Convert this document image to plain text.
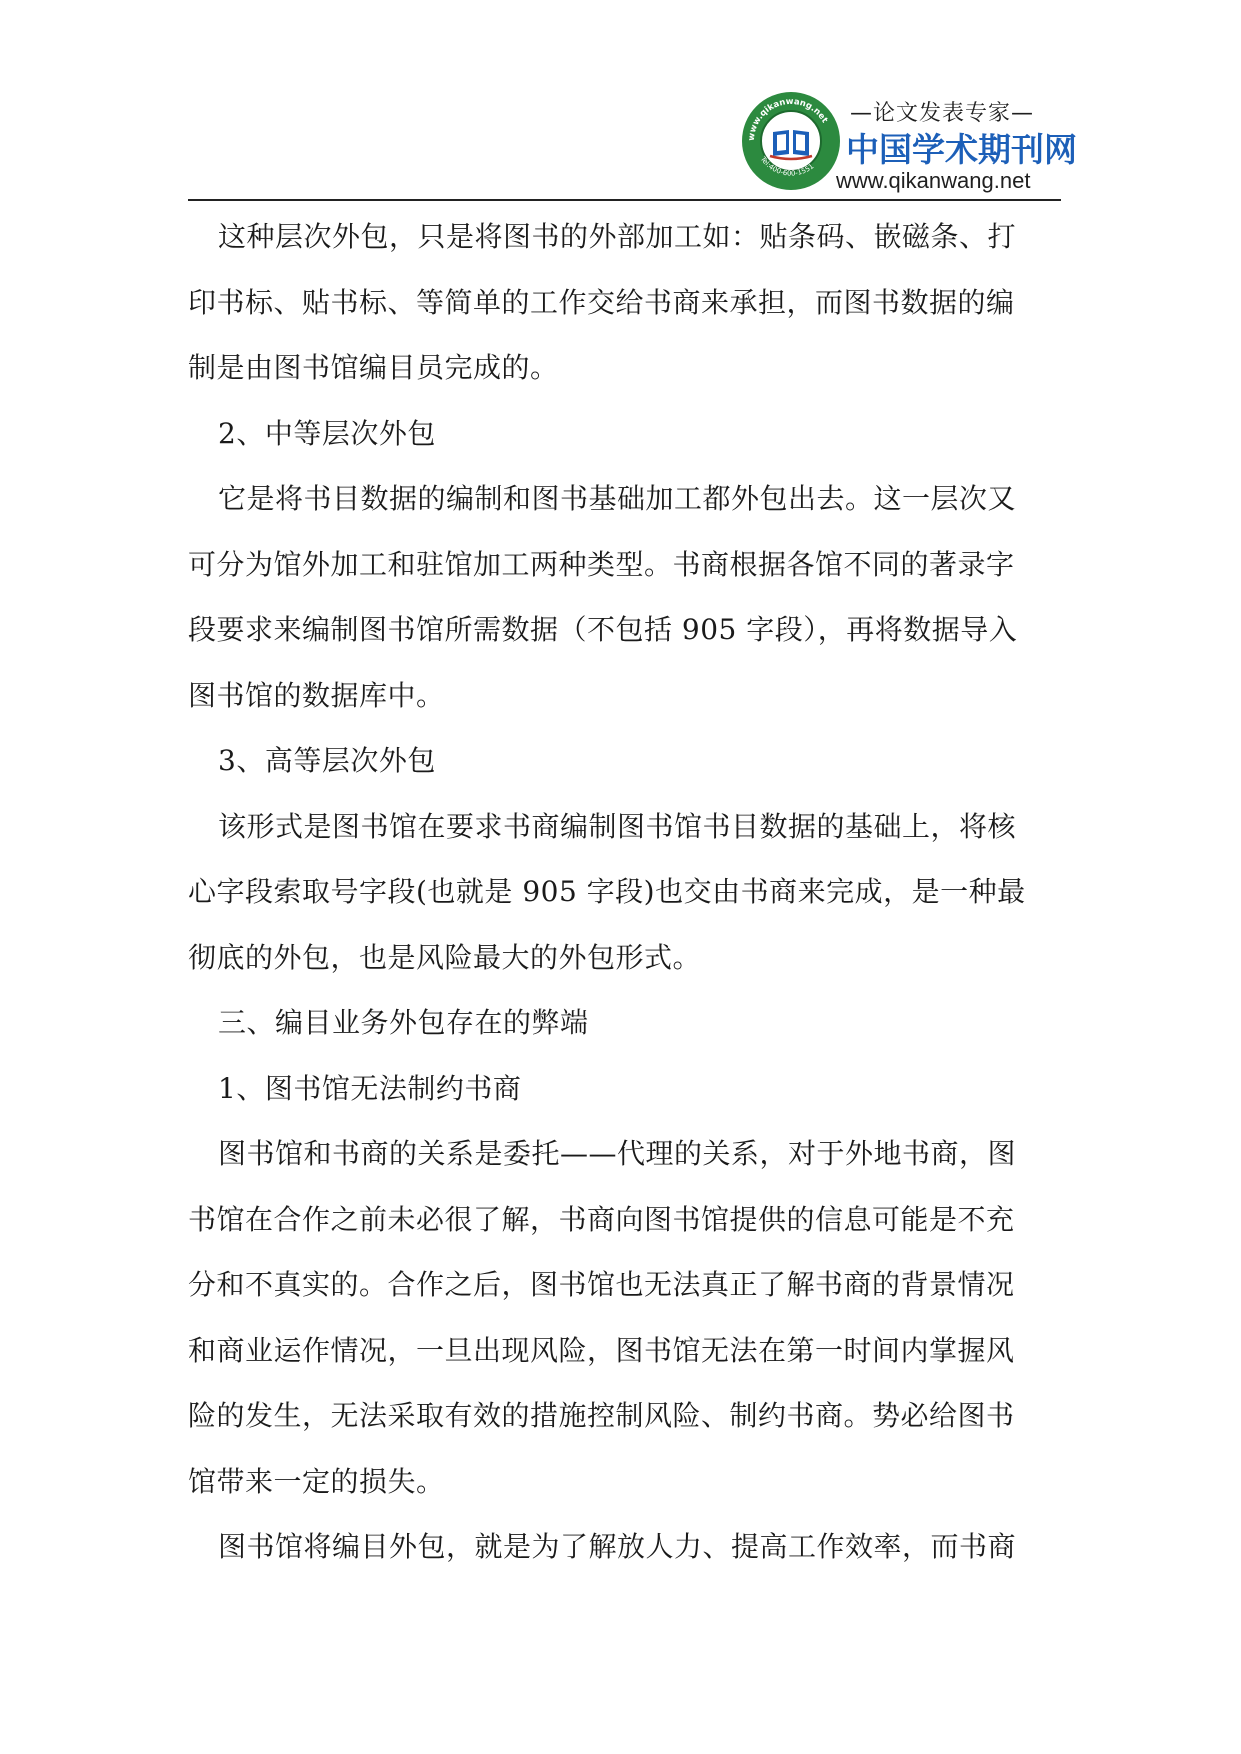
www.qikanwang.net
Tel:400-600-1551
—论文发表专家—
中国学术期刊网
www.qikanwang.net
这种层次外包，只是将图书的外部加工如：贴条码、嵌磁条、打
印书标、贴书标、等简单的工作交给书商来承担，而图书数据的编
制是由图书馆编目员完成的。
2、中等层次外包
它是将书目数据的编制和图书基础加工都外包出去。这一层次又
可分为馆外加工和驻馆加工两种类型。书商根据各馆不同的著录字
段要求来编制图书馆所需数据（不包括 905 字段），再将数据导入
图书馆的数据库中。
3、高等层次外包
该形式是图书馆在要求书商编制图书馆书目数据的基础上，将核
心字段索取号字段(也就是 905 字段)也交由书商来完成，是一种最
彻底的外包，也是风险最大的外包形式。
三、编目业务外包存在的弊端
1、图书馆无法制约书商
图书馆和书商的关系是委托——代理的关系，对于外地书商，图
书馆在合作之前未必很了解，书商向图书馆提供的信息可能是不充
分和不真实的。合作之后，图书馆也无法真正了解书商的背景情况
和商业运作情况，一旦出现风险，图书馆无法在第一时间内掌握风
险的发生，无法采取有效的措施控制风险、制约书商。势必给图书
馆带来一定的损失。
图书馆将编目外包，就是为了解放人力、提高工作效率，而书商
